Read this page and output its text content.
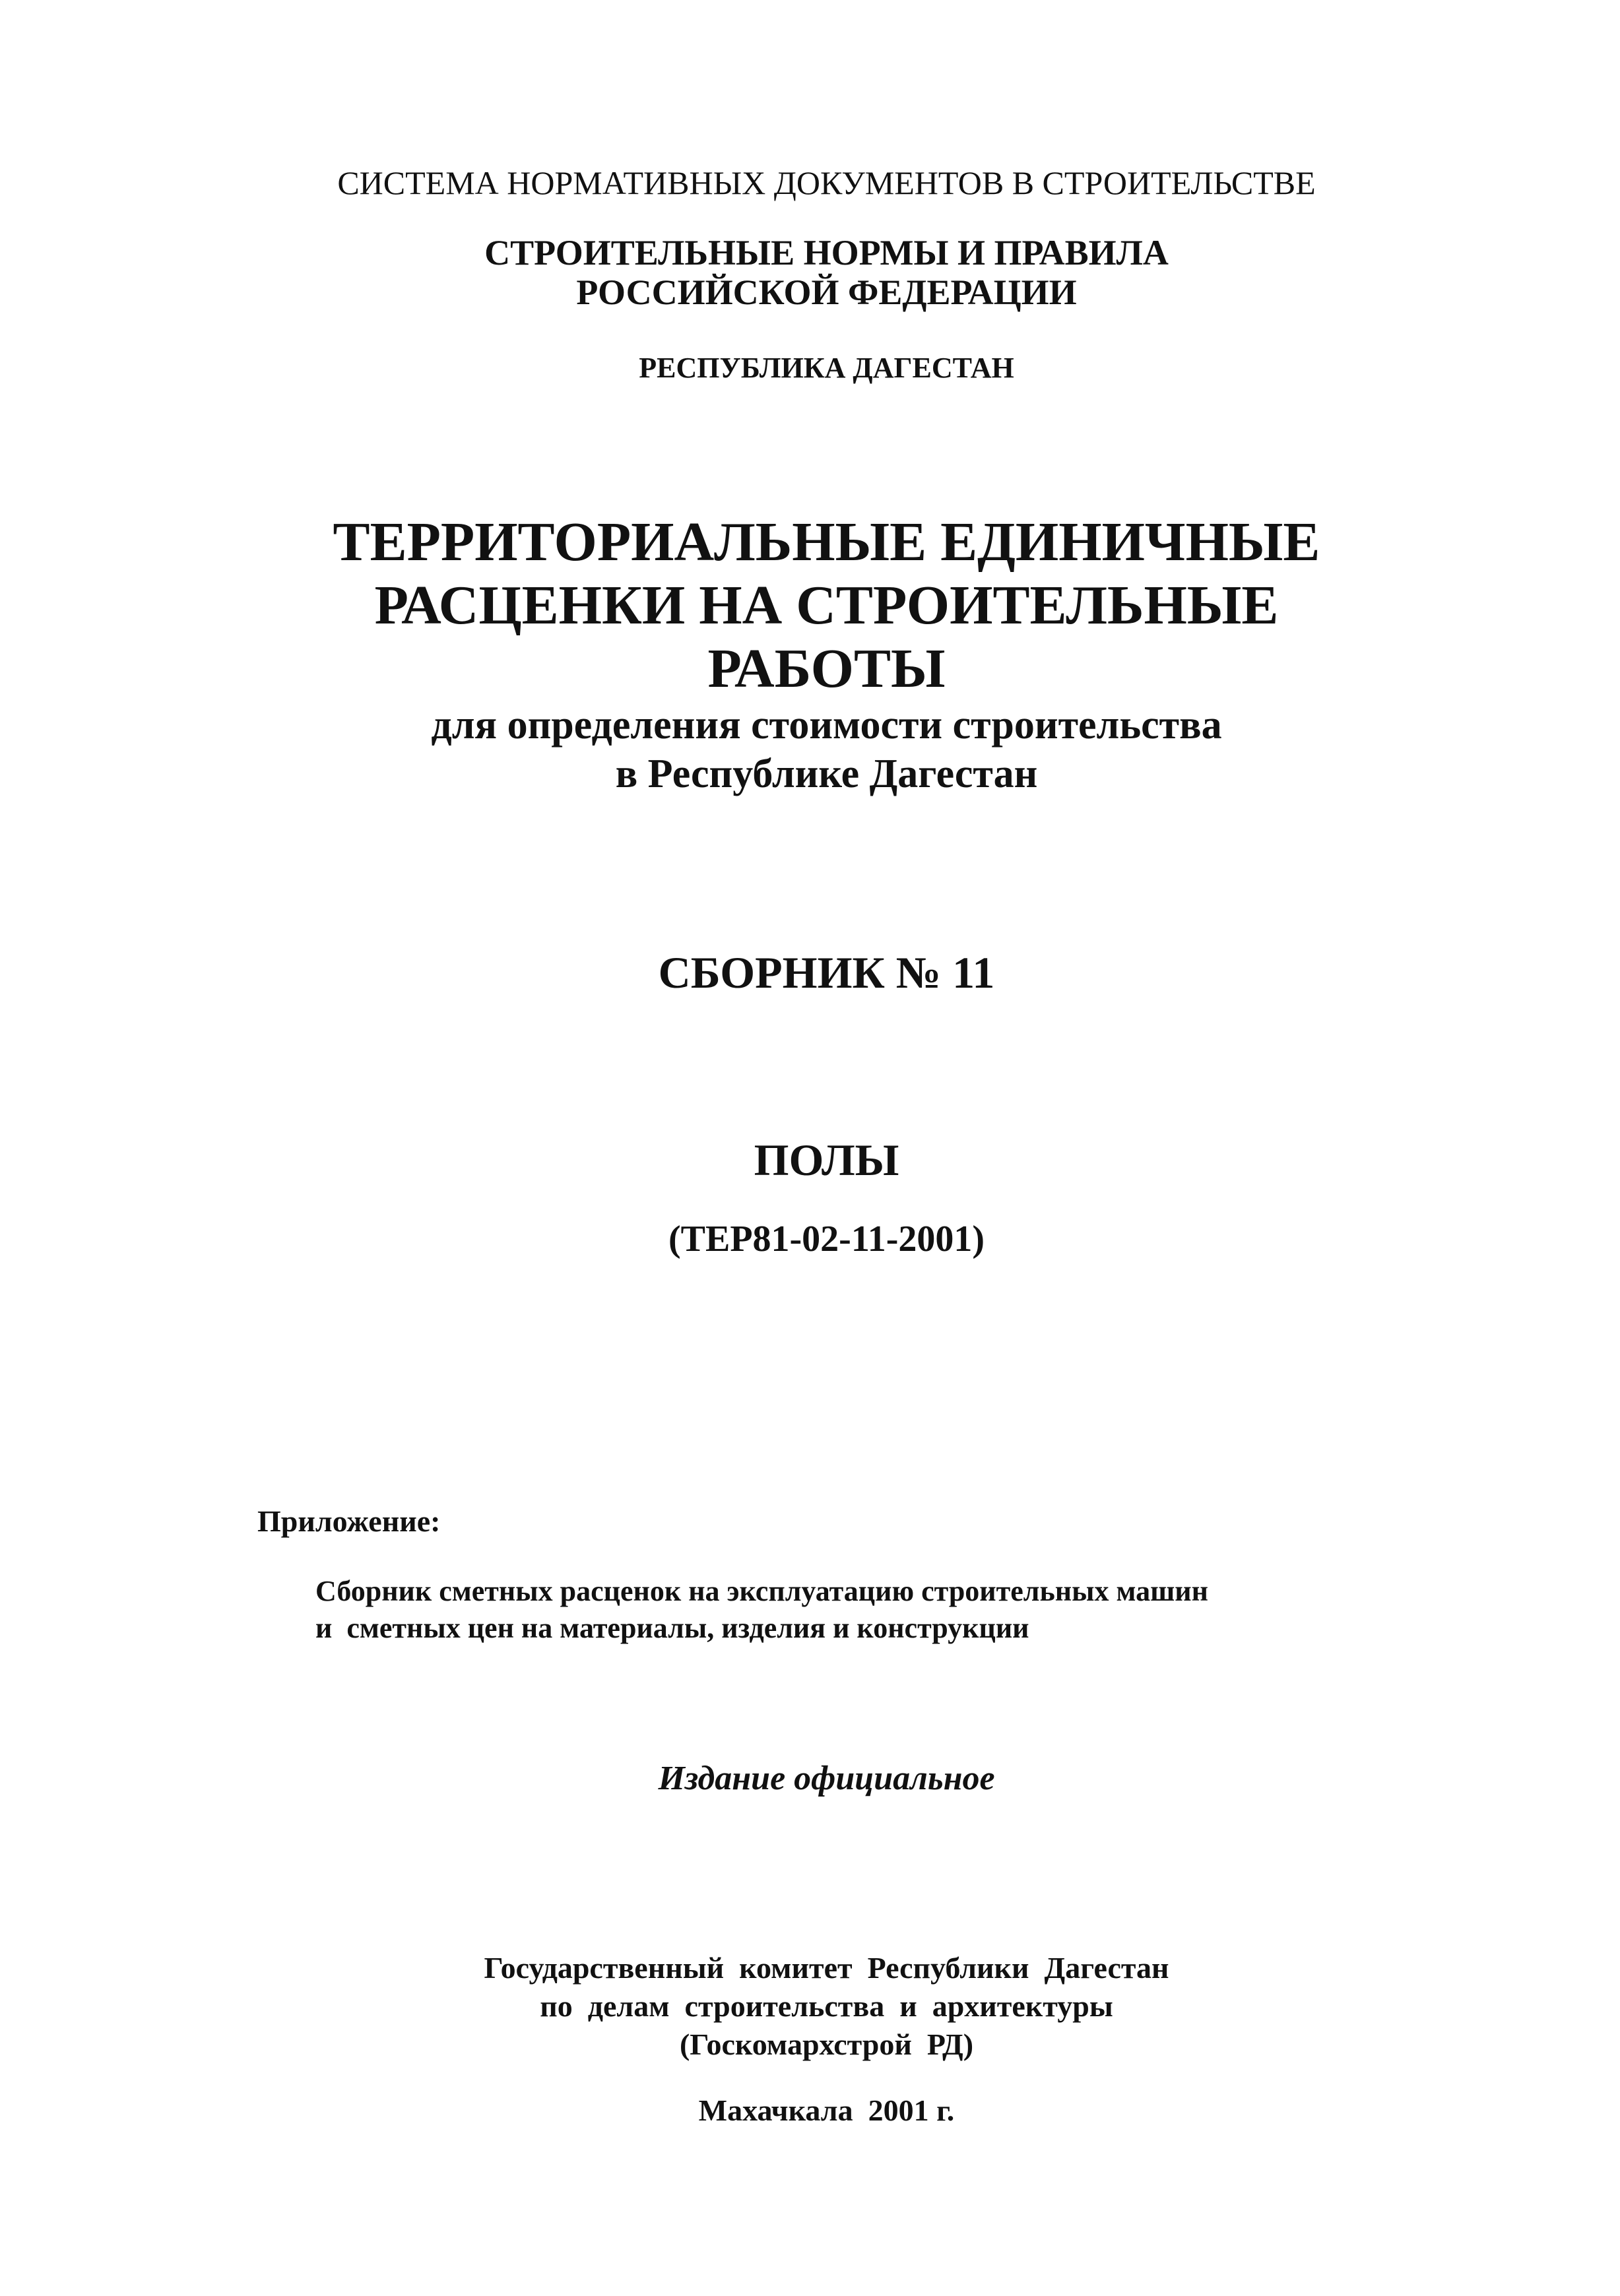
СИСТЕМА НОРМАТИВНЫХ ДОКУМЕНТОВ В СТРОИТЕЛЬСТВЕ

СТРОИТЕЛЬНЫЕ НОРМЫ И ПРАВИЛА

РОССИЙСКОЙ ФЕДЕРАЦИИ

РЕСПУБЛИКА ДАГЕСТАН

ТЕРРИТОРИАЛЬНЫЕ ЕДИНИЧНЫЕ

РАСЦЕНКИ НА СТРОИТЕЛЬНЫЕ

РАБОТЫ

для определения стоимости строительства

в Республике Дагестан

СБОРНИК № 11

ПОЛЫ

(ТЕР81-02-11-2001)

Приложение:

Сборник сметных расценок на эксплуатацию строительных машин

и  сметных цен на материалы, изделия и конструкции

Издание официальное

Государственный  комитет  Республики  Дагестан

по  делам  строительства  и  архитектуры

(Госкомархстрой  РД)

Махачкала  2001 г.
